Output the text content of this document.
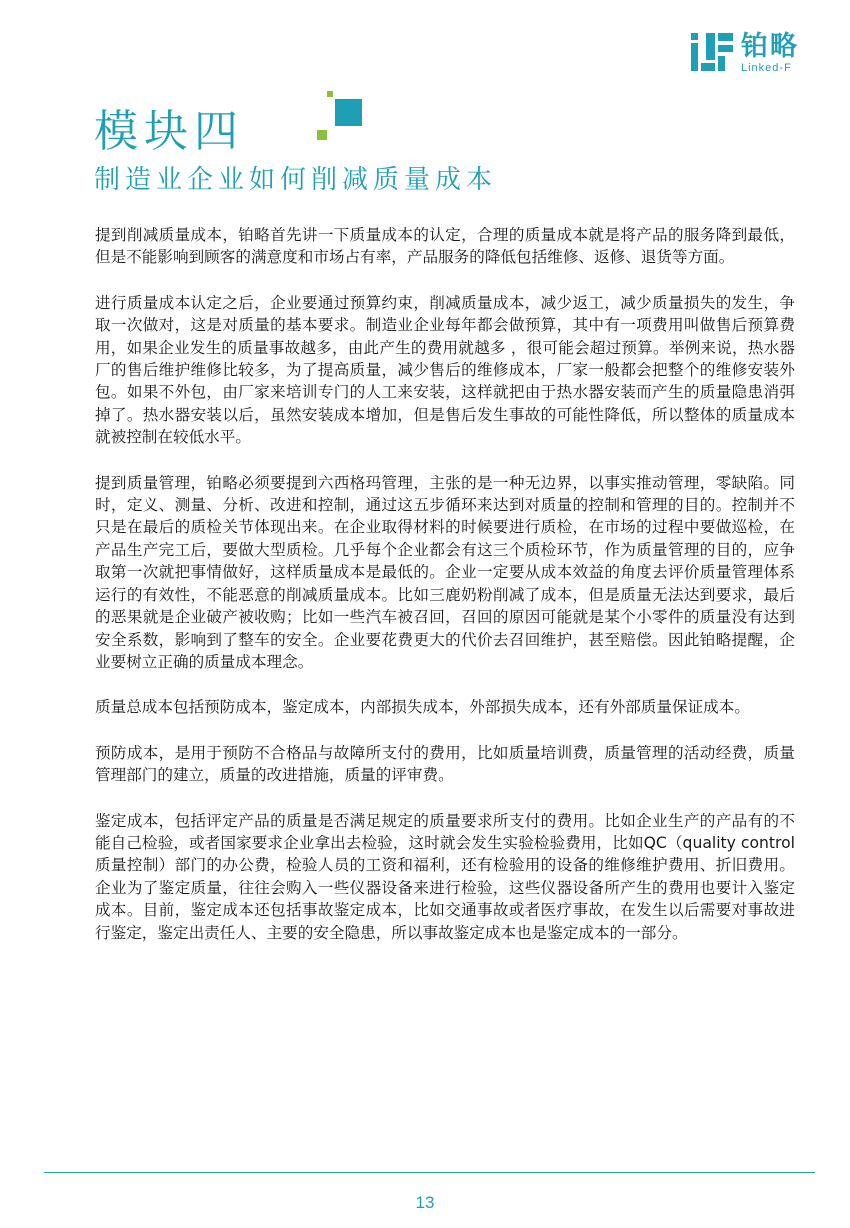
铂略
Linked-F
模块四
制造业企业如何削减质量成本

提到削减质量成本，铂略首先讲一下质量成本的认定，合理的质量成本就是将产品的服务降到最低，但是不能影响到顾客的满意度和市场占有率，产品服务的降低包括维修、返修、退货等方面。

进行质量成本认定之后，企业要通过预算约束，削减质量成本，减少返工，减少质量损失的发生，争取一次做对，这是对质量的基本要求。制造业企业每年都会做预算，其中有一项费用叫做售后预算费用，如果企业发生的质量事故越多，由此产生的费用就越多 ，很可能会超过预算。举例来说，热水器厂的售后维护维修比较多，为了提高质量，减少售后的维修成本，厂家一般都会把整个的维修安装外包。如果不外包，由厂家来培训专门的人工来安装，这样就把由于热水器安装而产生的质量隐患消弭掉了。热水器安装以后，虽然安装成本增加，但是售后发生事故的可能性降低，所以整体的质量成本就被控制在较低水平。

提到质量管理，铂略必须要提到六西格玛管理，主张的是一种无边界，以事实推动管理，零缺陷。同时，定义、测量、分析、改进和控制，通过这五步循环来达到对质量的控制和管理的目的。控制并不只是在最后的质检关节体现出来。在企业取得材料的时候要进行质检，在市场的过程中要做巡检，在产品生产完工后，要做大型质检。几乎每个企业都会有这三个质检环节，作为质量管理的目的，应争取第一次就把事情做好，这样质量成本是最低的。企业一定要从成本效益的角度去评价质量管理体系运行的有效性，不能恶意的削减质量成本。比如三鹿奶粉削减了成本，但是质量无法达到要求，最后的恶果就是企业破产被收购；比如一些汽车被召回，召回的原因可能就是某个小零件的质量没有达到安全系数，影响到了整车的安全。企业要花费更大的代价去召回维护，甚至赔偿。因此铂略提醒，企业要树立正确的质量成本理念。

质量总成本包括预防成本，鉴定成本，内部损失成本，外部损失成本，还有外部质量保证成本。

预防成本，是用于预防不合格品与故障所支付的费用，比如质量培训费，质量管理的活动经费，质量管理部门的建立，质量的改进措施，质量的评审费。

鉴定成本，包括评定产品的质量是否满足规定的质量要求所支付的费用。比如企业生产的产品有的不能自己检验，或者国家要求企业拿出去检验，这时就会发生实验检验费用，比如QC（quality control质量控制）部门的办公费，检验人员的工资和福利，还有检验用的设备的维修维护费用、折旧费用。企业为了鉴定质量，往往会购入一些仪器设备来进行检验，这些仪器设备所产生的费用也要计入鉴定成本。目前，鉴定成本还包括事故鉴定成本，比如交通事故或者医疗事故，在发生以后需要对事故进行鉴定，鉴定出责任人、主要的安全隐患，所以事故鉴定成本也是鉴定成本的一部分。

13
